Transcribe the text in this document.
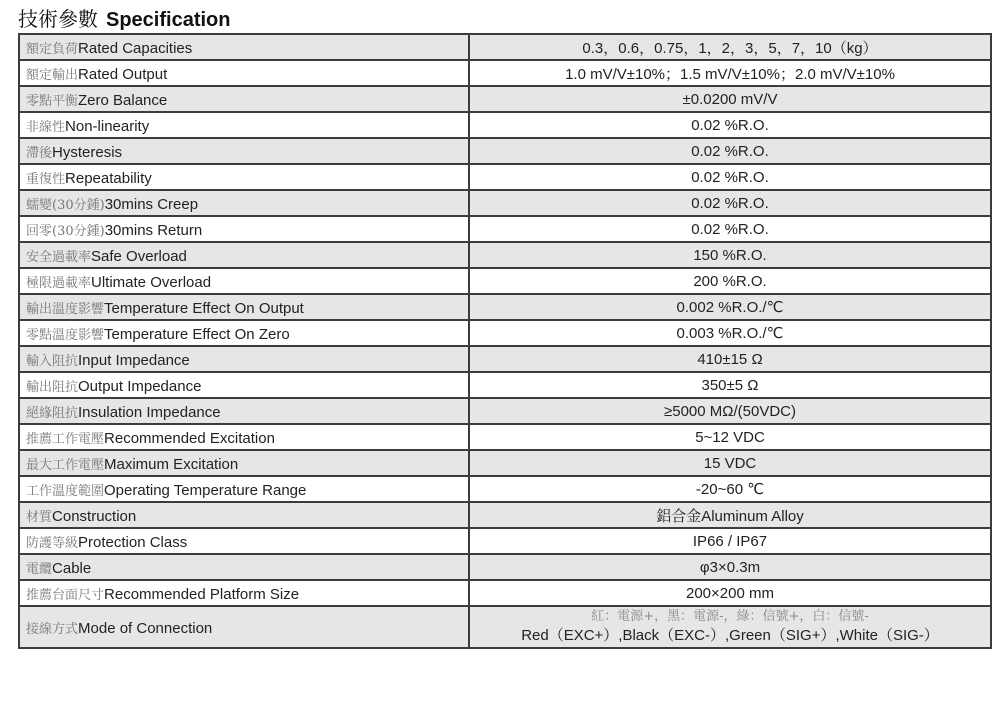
技術參數 Specification
額定負荷Rated Capacities	0.3，0.6，0.75，1，2，3，5，7，10（kg）
額定輸出Rated Output	1.0 mV/V±10%；1.5 mV/V±10%；2.0 mV/V±10%
零點平衡Zero Balance	±0.0200 mV/V
非線性Non-linearity	0.02 %R.O.
滯後Hysteresis	0.02 %R.O.
重復性Repeatability	0.02 %R.O.
蠕變(30分鍾)30mins Creep	0.02 %R.O.
回零(30分鍾)30mins Return	0.02 %R.O.
安全過載率Safe Overload	150 %R.O.
極限過載率Ultimate Overload	200 %R.O.
輸出溫度影響Temperature Effect On Output	0.002 %R.O./℃
零點溫度影響Temperature Effect On Zero	0.003 %R.O./℃
輸入阻抗Input Impedance	410±15 Ω
輸出阻抗Output Impedance	350±5 Ω
絕緣阻抗Insulation Impedance	≥5000 MΩ/(50VDC)
推薦工作電壓Recommended Excitation	5~12 VDC
最大工作電壓Maximum Excitation	15 VDC
工作溫度範圍Operating Temperature Range	-20~60 ℃
材質Construction	鋁合金Aluminum Alloy
防護等級Protection Class	IP66 / IP67
電纜Cable	φ3×0.3m
推薦台面尺寸Recommended Platform Size	200×200 mm
接線方式Mode of Connection	紅：電源+，黑：電源-，綠：信號+，白：信號-
Red（EXC+）,Black（EXC-）,Green（SIG+）,White（SIG-）
